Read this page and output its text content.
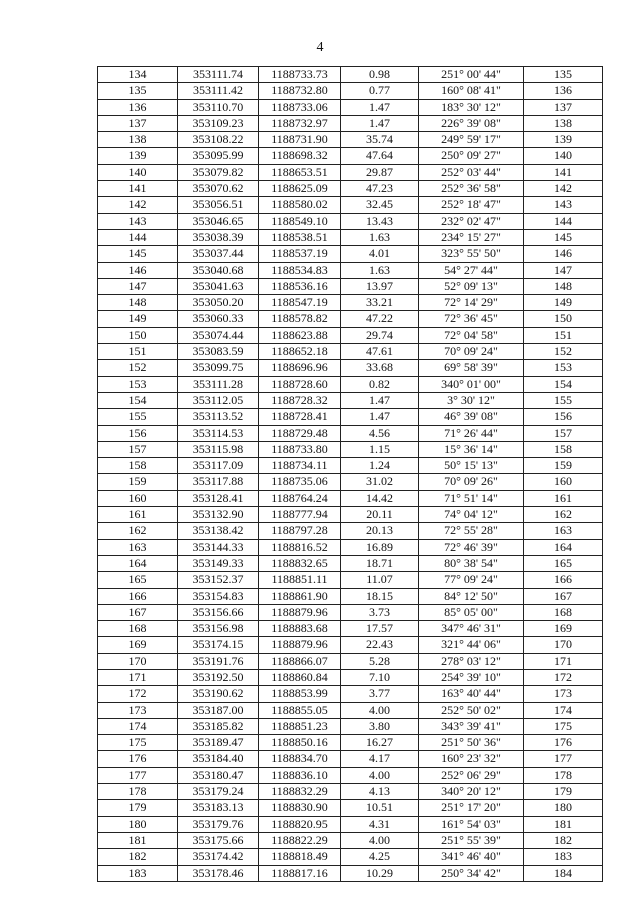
4
134	353111.74	1188733.73	0.98	251° 00' 44"	135
135	353111.42	1188732.80	0.77	160° 08' 41"	136
136	353110.70	1188733.06	1.47	183° 30' 12"	137
137	353109.23	1188732.97	1.47	226° 39' 08"	138
138	353108.22	1188731.90	35.74	249° 59' 17"	139
139	353095.99	1188698.32	47.64	250° 09' 27"	140
140	353079.82	1188653.51	29.87	252° 03' 44"	141
141	353070.62	1188625.09	47.23	252° 36' 58"	142
142	353056.51	1188580.02	32.45	252° 18' 47"	143
143	353046.65	1188549.10	13.43	232° 02' 47"	144
144	353038.39	1188538.51	1.63	234° 15' 27"	145
145	353037.44	1188537.19	4.01	323° 55' 50"	146
146	353040.68	1188534.83	1.63	54° 27' 44"	147
147	353041.63	1188536.16	13.97	52° 09' 13"	148
148	353050.20	1188547.19	33.21	72° 14' 29"	149
149	353060.33	1188578.82	47.22	72° 36' 45"	150
150	353074.44	1188623.88	29.74	72° 04' 58"	151
151	353083.59	1188652.18	47.61	70° 09' 24"	152
152	353099.75	1188696.96	33.68	69° 58' 39"	153
153	353111.28	1188728.60	0.82	340° 01' 00"	154
154	353112.05	1188728.32	1.47	3° 30' 12"	155
155	353113.52	1188728.41	1.47	46° 39' 08"	156
156	353114.53	1188729.48	4.56	71° 26' 44"	157
157	353115.98	1188733.80	1.15	15° 36' 14"	158
158	353117.09	1188734.11	1.24	50° 15' 13"	159
159	353117.88	1188735.06	31.02	70° 09' 26"	160
160	353128.41	1188764.24	14.42	71° 51' 14"	161
161	353132.90	1188777.94	20.11	74° 04' 12"	162
162	353138.42	1188797.28	20.13	72° 55' 28"	163
163	353144.33	1188816.52	16.89	72° 46' 39"	164
164	353149.33	1188832.65	18.71	80° 38' 54"	165
165	353152.37	1188851.11	11.07	77° 09' 24"	166
166	353154.83	1188861.90	18.15	84° 12' 50"	167
167	353156.66	1188879.96	3.73	85° 05' 00"	168
168	353156.98	1188883.68	17.57	347° 46' 31"	169
169	353174.15	1188879.96	22.43	321° 44' 06"	170
170	353191.76	1188866.07	5.28	278° 03' 12"	171
171	353192.50	1188860.84	7.10	254° 39' 10"	172
172	353190.62	1188853.99	3.77	163° 40' 44"	173
173	353187.00	1188855.05	4.00	252° 50' 02"	174
174	353185.82	1188851.23	3.80	343° 39' 41"	175
175	353189.47	1188850.16	16.27	251° 50' 36"	176
176	353184.40	1188834.70	4.17	160° 23' 32"	177
177	353180.47	1188836.10	4.00	252° 06' 29"	178
178	353179.24	1188832.29	4.13	340° 20' 12"	179
179	353183.13	1188830.90	10.51	251° 17' 20"	180
180	353179.76	1188820.95	4.31	161° 54' 03"	181
181	353175.66	1188822.29	4.00	251° 55' 39"	182
182	353174.42	1188818.49	4.25	341° 46' 40"	183
183	353178.46	1188817.16	10.29	250° 34' 42"	184
